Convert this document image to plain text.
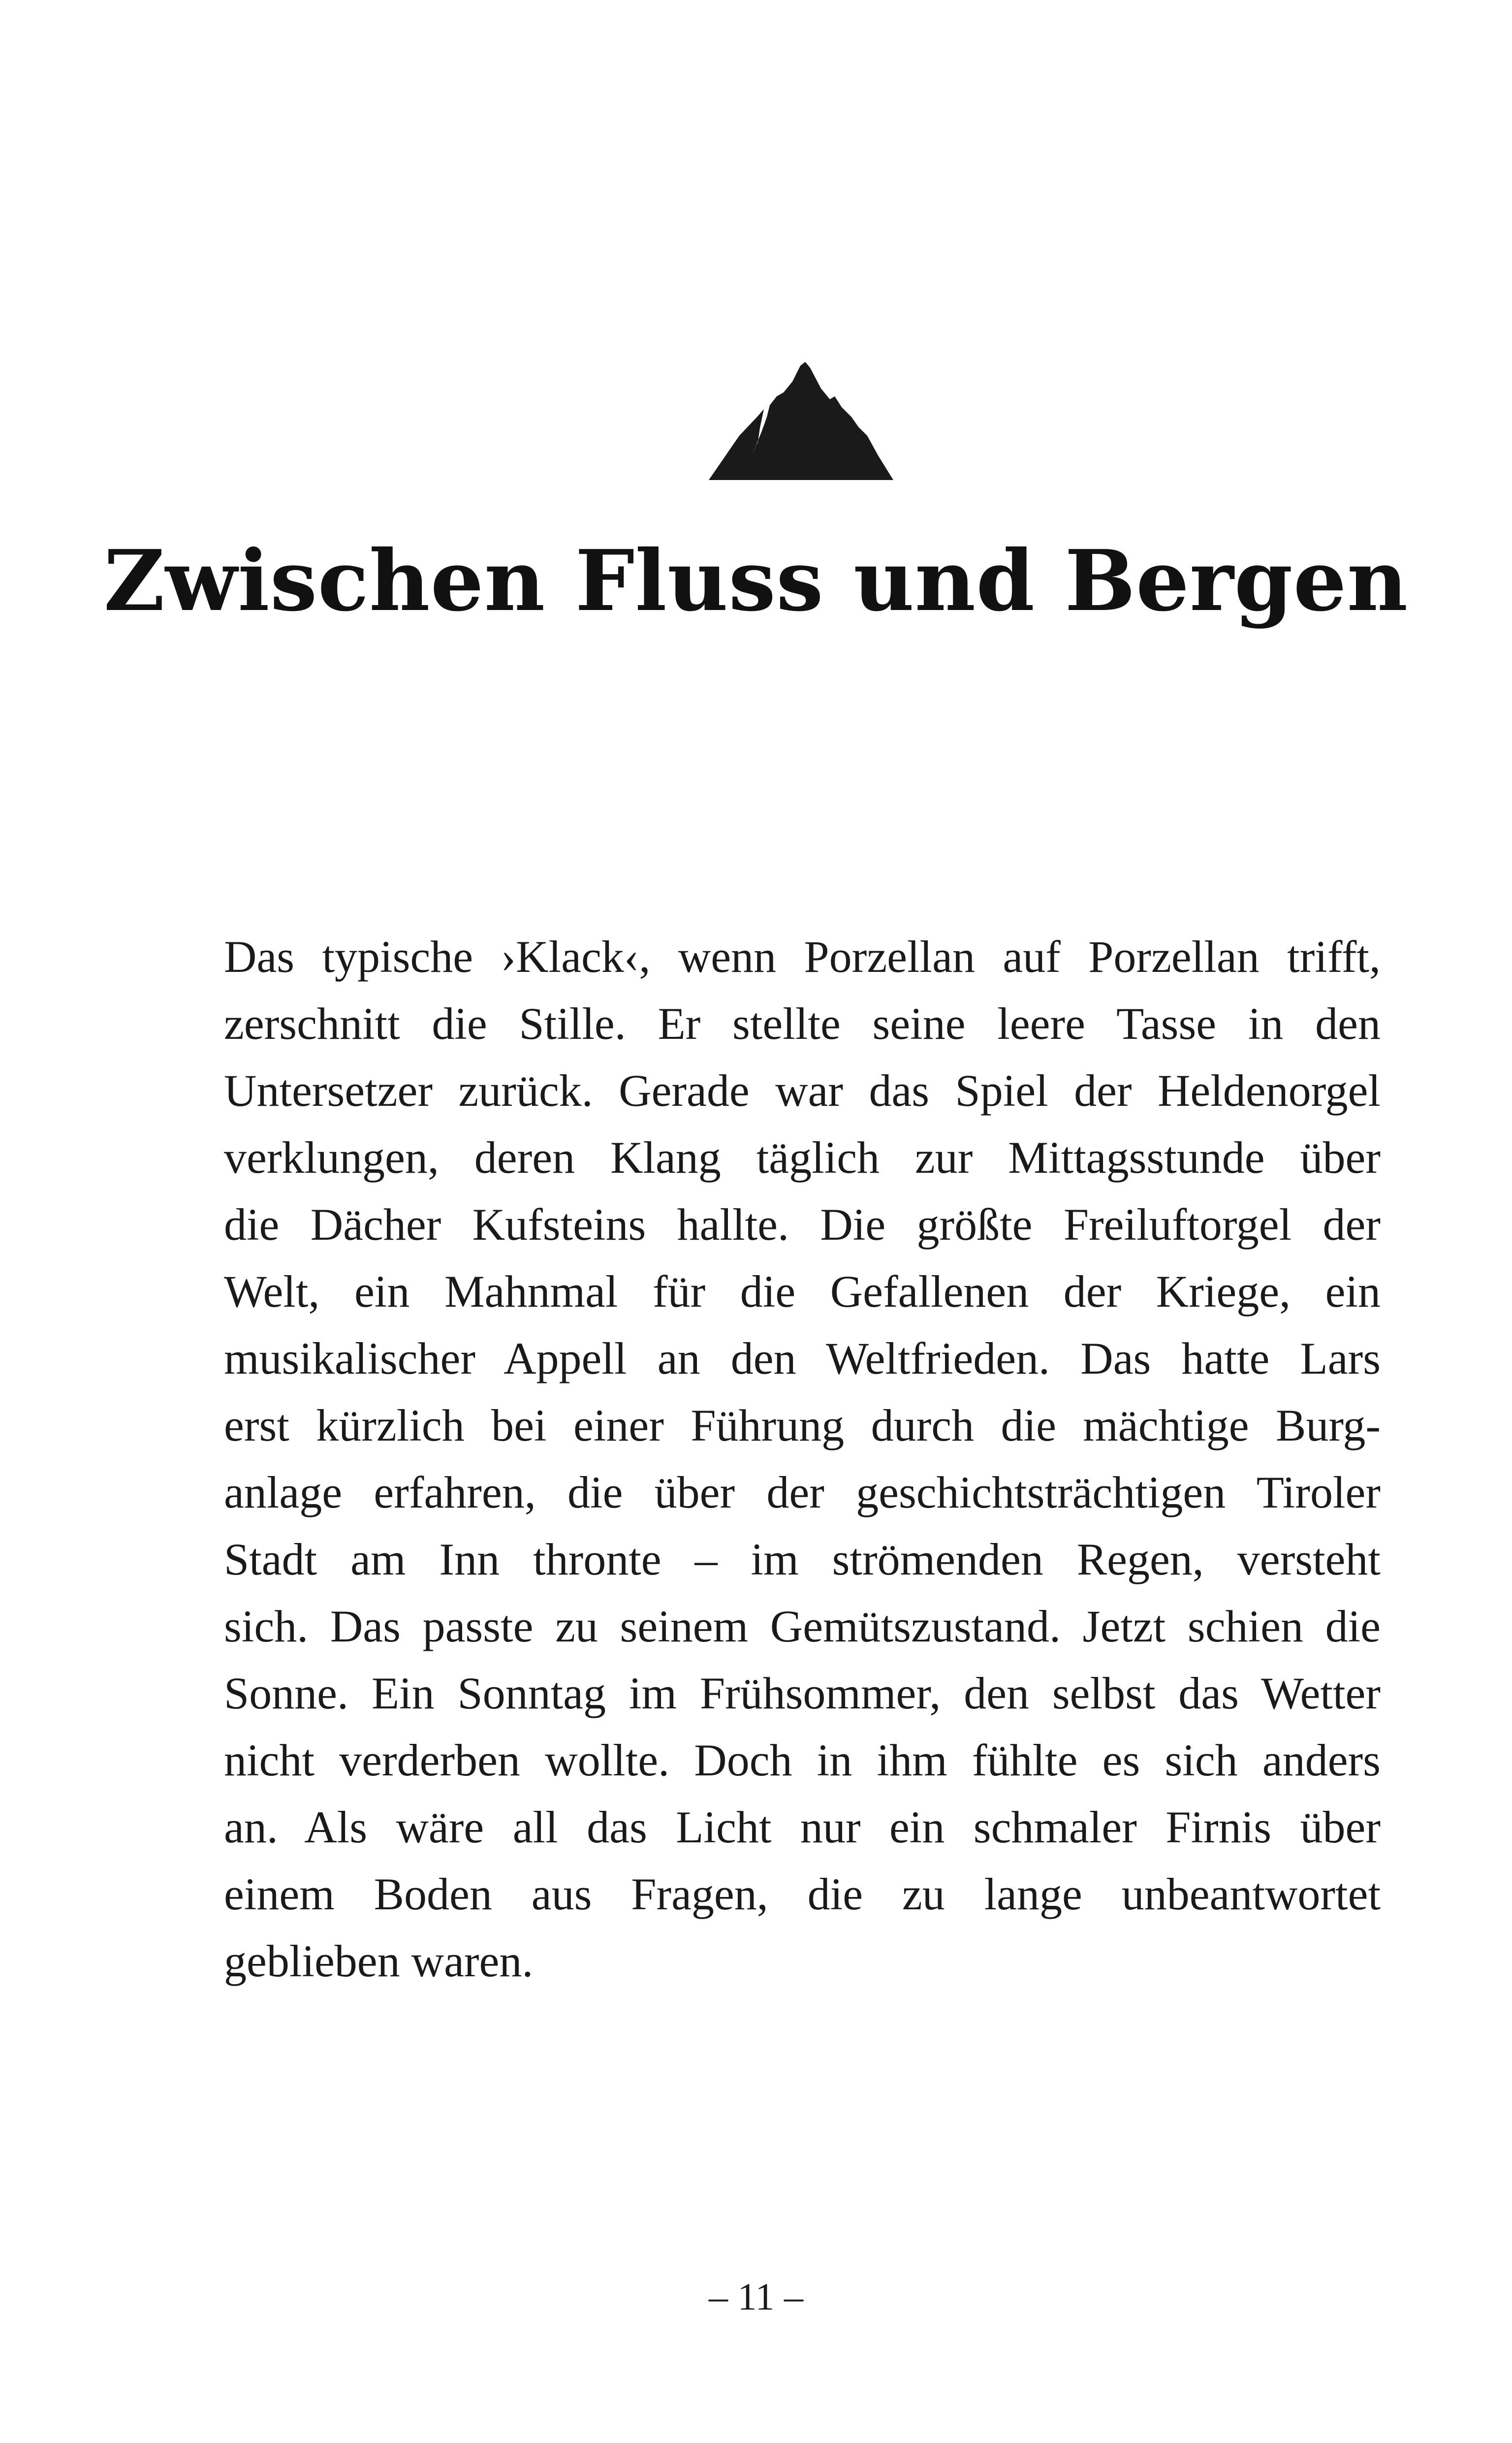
Zwischen Fluss und Bergen
Das typische ›Klack‹, wenn Porzellan auf Porzellan trifft,
zerschnitt die Stille. Er stellte seine leere Tasse in den
Untersetzer zurück. Gerade war das Spiel der Heldenorgel
verklungen, deren Klang täglich zur Mittagsstunde über
die Dächer Kufsteins hallte. Die größte Freiluftorgel der
Welt, ein Mahnmal für die Gefallenen der Kriege, ein
musikalischer Appell an den Weltfrieden. Das hatte Lars
erst kürzlich bei einer Führung durch die mächtige Burg-
anlage erfahren, die über der geschichtsträchtigen Tiroler
Stadt am Inn thronte – im strömenden Regen, versteht
sich. Das passte zu seinem Gemütszustand. Jetzt schien die
Sonne. Ein Sonntag im Frühsommer, den selbst das Wetter
nicht verderben wollte. Doch in ihm fühlte es sich anders
an. Als wäre all das Licht nur ein schmaler Firnis über
einem Boden aus Fragen, die zu lange unbeantwortet
geblieben waren.
– 11 –
